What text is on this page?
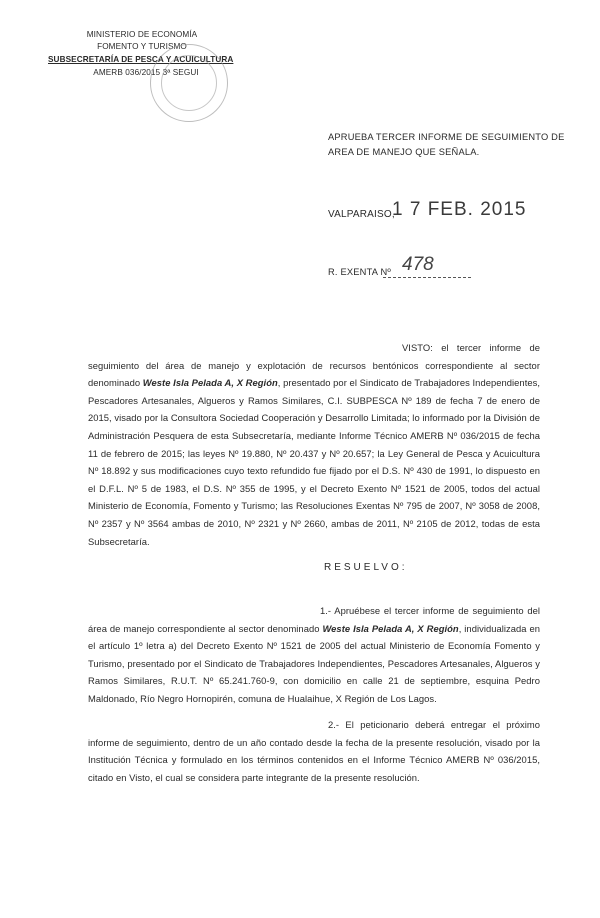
MINISTERIO DE ECONOMÍA
FOMENTO Y TURISMO
SUBSECRETARÍA DE PESCA Y ACUICULTURA
AMERB 036/2015 3ª SEGUI
APRUEBA TERCER INFORME DE SEGUIMIENTO DE
AREA DE MANEJO QUE SEÑALA.
VALPARAISO,
1 7 FEB. 2015
R. EXENTA Nº 478
VISTO: el tercer informe de seguimiento del área de manejo y explotación de recursos bentónicos correspondiente al sector denominado Weste Isla Pelada A, X Región, presentado por el Sindicato de Trabajadores Independientes, Pescadores Artesanales, Algueros y Ramos Similares, C.I. SUBPESCA Nº 189 de fecha 7 de enero de 2015, visado por la Consultora Sociedad Cooperación y Desarrollo Limitada; lo informado por la División de Administración Pesquera de esta Subsecretaría, mediante Informe Técnico AMERB Nº 036/2015 de fecha 11 de febrero de 2015; las leyes Nº 19.880, Nº 20.437 y Nº 20.657; la Ley General de Pesca y Acuicultura Nº 18.892 y sus modificaciones cuyo texto refundido fue fijado por el D.S. Nº 430 de 1991, lo dispuesto en el D.F.L. Nº 5 de 1983, el D.S. Nº 355 de 1995, y el Decreto Exento Nº 1521 de 2005, todos del actual Ministerio de Economía, Fomento y Turismo; las Resoluciones Exentas Nº 795 de 2007, Nº 3058 de 2008, Nº 2357 y Nº 3564 ambas de 2010, Nº 2321 y Nº 2660, ambas de 2011, Nº 2105 de 2012, todas de esta Subsecretaría.
RESUELVO:
1.- Apruébese el tercer informe de seguimiento del área de manejo correspondiente al sector denominado Weste Isla Pelada A, X Región, individualizada en el artículo 1º letra a) del Decreto Exento Nº 1521 de 2005 del actual Ministerio de Economía Fomento y Turismo, presentado por el Sindicato de Trabajadores Independientes, Pescadores Artesanales, Algueros y Ramos Similares, R.U.T. Nº 65.241.760-9, con domicilio en calle 21 de septiembre, esquina Pedro Maldonado, Río Negro Hornopirén, comuna de Hualaihue, X Región de Los Lagos.
2.- El peticionario deberá entregar el próximo informe de seguimiento, dentro de un año contado desde la fecha de la presente resolución, visado por la Institución Técnica y formulado en los términos contenidos en el Informe Técnico AMERB Nº 036/2015, citado en Visto, el cual se considera parte integrante de la presente resolución.
